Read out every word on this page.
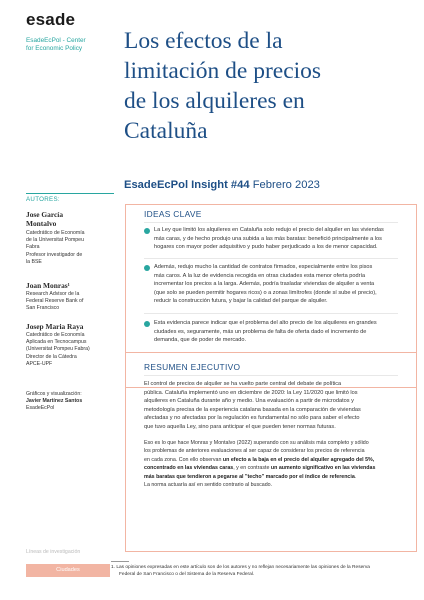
esade
EsadeEcPol - Center
for Economic Policy
AUTORES:
Jose García
Montalvo
Catedrático de Economía
de la Universitat Pompeu
Fabra
Profesor investigador de
la BSE
Joan Monras¹
Research Advisor de la
Federal Reserve Bank of
San Francisco
Josep Maria Raya
Catedrático de Economía
Aplicada en Tecnocampus
(Universitat Pompeu Fabra)
Director de la Cátedra
APCE-UPF
Gráficos y visualización:
Javier Martínez Santos
EsadeEcPol
Líneas de investigación
Ciudades
Los efectos de la
limitación de precios
de los alquileres en
Cataluña
EsadeEcPol Insight #44 Febrero 2023
IDEAS CLAVE
La Ley que limitó los alquileres en Cataluña solo redujo el precio del alquiler en las viviendas
más caras, y de hecho produjo una subida a las más baratas: benefició principalmente a los
hogares con mayor poder adquisitivo y pudo haber perjudicado a los de menor capacidad.
Además, redujo mucho la cantidad de contratos firmados, especialmente entre los pisos
más caros. A la luz de evidencia recogida en otras ciudades esta menor oferta podría
incrementar los precios a la larga. Además, podría trasladar viviendas de alquiler a venta
(que solo se pueden permitir hogares ricos) o a zonas limítrofes (donde sí sube el precio),
reducir la construcción futura, y bajar la calidad del parque de alquiler.
Esta evidencia parece indicar que el problema del alto precio de los alquileres en grandes
ciudades es, seguramente, más un problema de falta de oferta dado el incremento de
demanda, que de poder de mercado.
RESUMEN EJECUTIVO
El control de precios de alquiler se ha vuelto parte central del debate de política
pública. Cataluña implementó uno en diciembre de 2020: la Ley 11/2020 que limitó los
alquileres en Cataluña durante año y medio. Una evaluación a partir de microdatos y
metodología precisa de la experiencia catalana basada en la comparación de viviendas
afectadas y no afectadas por la regulación es fundamental no sólo para saber el efecto
que tuvo aquella Ley, sino para anticipar el que pueden tener normas futuras.
Eso es lo que hace Monras y Montalvo (2022) superando con su análisis más completo y sólido
los problemas de anteriores evaluaciones al ser capaz de considerar los precios de referencia
en cada zona. Con ello observan un efecto a la baja en el precio del alquiler agregado del 5%,
concentrado en las viviendas caras, y en contraste un aumento significativo en las viviendas
más baratas que tendieron a pegarse al "techo" marcado por el índice de referencia.
La norma actuaría así en sentido contrario al buscado.
1. Las opiniones expresadas en este artículo son de los autores y no reflejan necesariamente las opiniones de la Reserva
Federal de San Francisco o del Sistema de la Reserva Federal.
